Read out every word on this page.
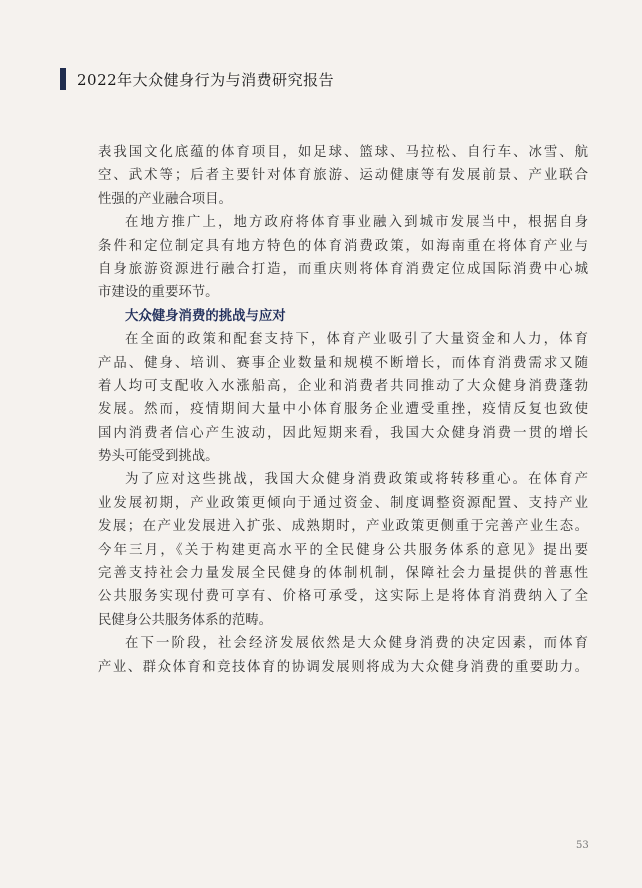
2022年大众健身行为与消费研究报告
表我国文化底蕴的体育项目，如足球、篮球、马拉松、自行车、冰雪、航
空、武术等；后者主要针对体育旅游、运动健康等有发展前景、产业联合
性强的产业融合项目。
在地方推广上，地方政府将体育事业融入到城市发展当中，根据自身
条件和定位制定具有地方特色的体育消费政策，如海南重在将体育产业与
自身旅游资源进行融合打造，而重庆则将体育消费定位成国际消费中心城
市建设的重要环节。
大众健身消费的挑战与应对
在全面的政策和配套支持下，体育产业吸引了大量资金和人力，体育
产品、健身、培训、赛事企业数量和规模不断增长，而体育消费需求又随
着人均可支配收入水涨船高，企业和消费者共同推动了大众健身消费蓬勃
发展。然而，疫情期间大量中小体育服务企业遭受重挫，疫情反复也致使
国内消费者信心产生波动，因此短期来看，我国大众健身消费一贯的增长
势头可能受到挑战。
为了应对这些挑战，我国大众健身消费政策或将转移重心。在体育产
业发展初期，产业政策更倾向于通过资金、制度调整资源配置、支持产业
发展；在产业发展进入扩张、成熟期时，产业政策更侧重于完善产业生态。
今年三月，《关于构建更高水平的全民健身公共服务体系的意见》提出要
完善支持社会力量发展全民健身的体制机制，保障社会力量提供的普惠性
公共服务实现付费可享有、价格可承受，这实际上是将体育消费纳入了全
民健身公共服务体系的范畴。
在下一阶段，社会经济发展依然是大众健身消费的决定因素，而体育
产业、群众体育和竞技体育的协调发展则将成为大众健身消费的重要助力。
53
